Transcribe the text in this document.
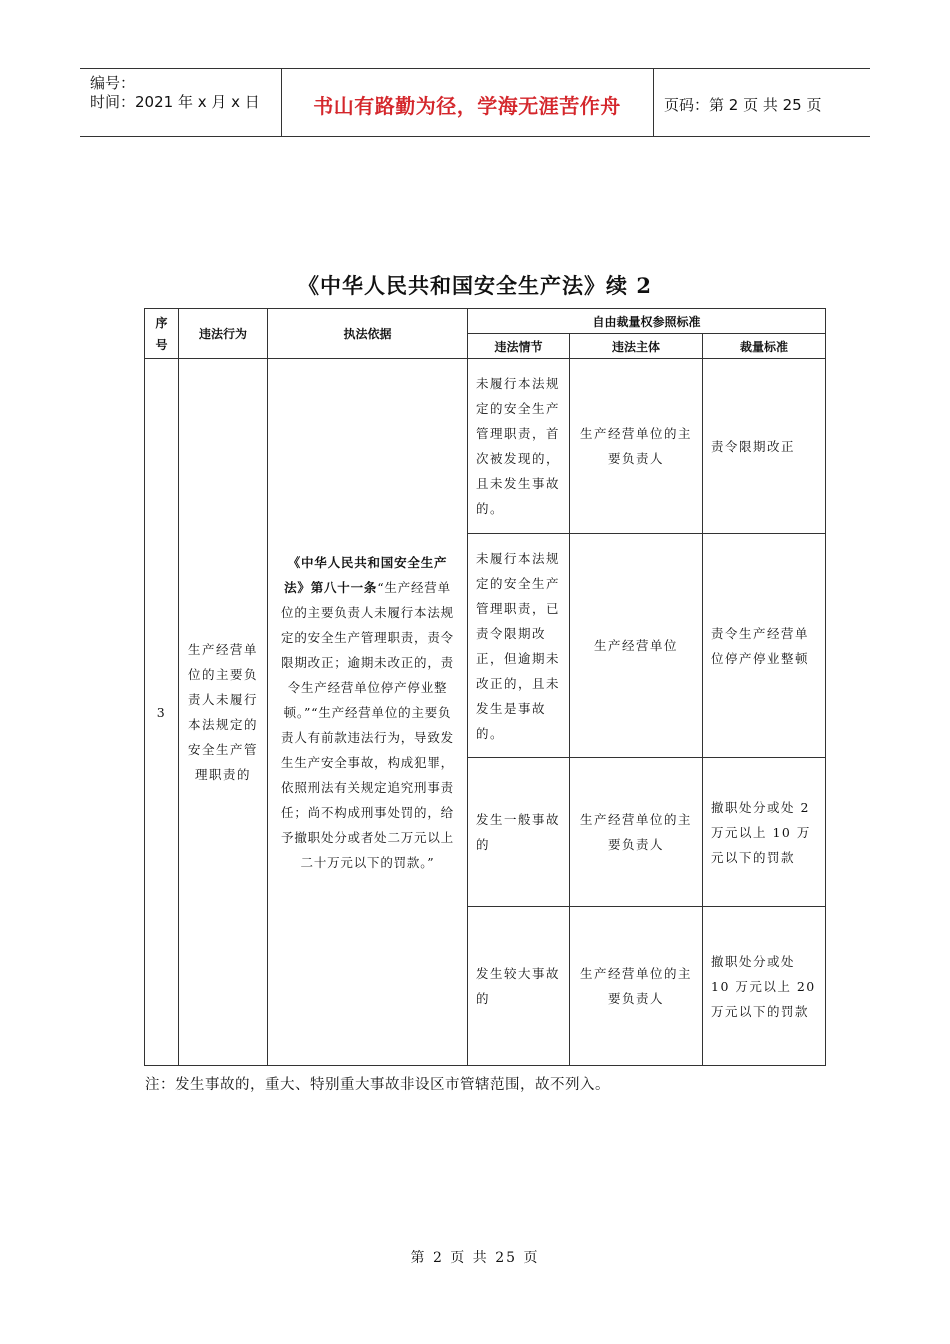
编号：
时间：2021 年 x 月 x 日	书山有路勤为径，学海无涯苦作舟	页码：第 2 页 共 25 页
《中华人民共和国安全生产法》续 2
序号	违法行为	执法依据	自由裁量权参照标准		
			违法情节	违法主体	裁量标准
3	生产经营单位的主要负责人未履行本法规定的安全生产管理职责的	《中华人民共和国安全生产法》第八十一条“生产经营单位的主要负责人未履行本法规定的安全生产管理职责，责令限期改正；逾期未改正的，责令生产经营单位停产停业整顿。”“生产经营单位的主要负责人有前款违法行为，导致发生生产安全事故，构成犯罪，依照刑法有关规定追究刑事责任；尚不构成刑事处罚的，给予撤职处分或者处二万元以上二十万元以下的罚款。”	未履行本法规定的安全生产管理职责，首次被发现的，且未发生事故的。	生产经营单位的主要负责人	责令限期改正
			未履行本法规定的安全生产管理职责，已责令限期改正，但逾期未改正的，且未发生是事故的。	生产经营单位	责令生产经营单位停产停业整顿
			发生一般事故的	生产经营单位的主要负责人	撤职处分或处 2 万元以上 10 万元以下的罚款
			发生较大事故的	生产经营单位的主要负责人	撤职处分或处 10 万元以上 20 万元以下的罚款
注：发生事故的，重大、特别重大事故非设区市管辖范围，故不列入。
第 2 页 共 25 页
